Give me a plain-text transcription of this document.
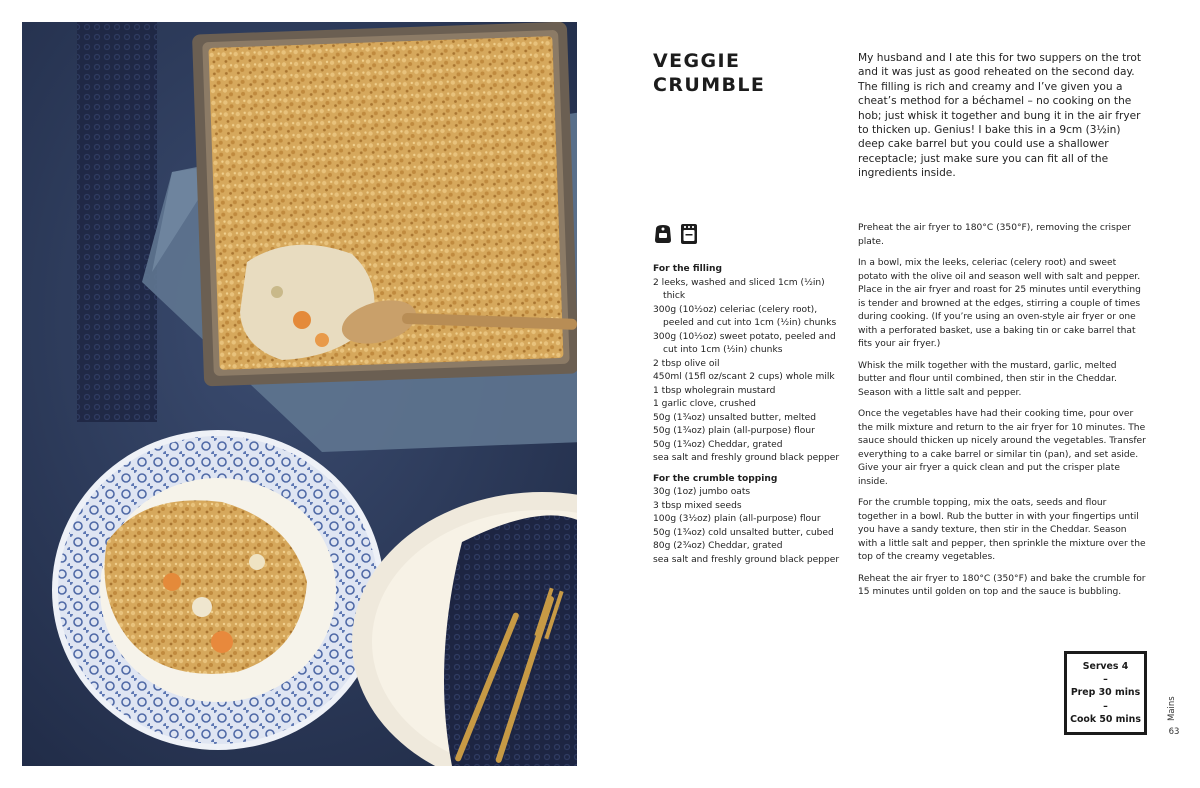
VEGGIE
CRUMBLE

My husband and I ate this for two suppers on the trot and it was just as good reheated on the second day. The filling is rich and creamy and I’ve given you a cheat’s method for a béchamel – no cooking on the hob; just whisk it together and bung it in the air fryer to thicken up. Genius! I bake this in a 9cm (3½in) deep cake barrel but you could use a shallower receptacle; just make sure you can fit all of the ingredients inside.

For the filling
2 leeks, washed and sliced 1cm (½in) thick
300g (10½oz) celeriac (celery root), peeled and cut into 1cm (½in) chunks
300g (10½oz) sweet potato, peeled and cut into 1cm (½in) chunks
2 tbsp olive oil
450ml (15fl oz/scant 2 cups) whole milk
1 tbsp wholegrain mustard
1 garlic clove, crushed
50g (1¾oz) unsalted butter, melted
50g (1¾oz) plain (all-purpose) flour
50g (1¾oz) Cheddar, grated
sea salt and freshly ground black pepper
For the crumble topping
30g (1oz) jumbo oats
3 tbsp mixed seeds
100g (3½oz) plain (all-purpose) flour
50g (1¾oz) cold unsalted butter, cubed
80g (2¾oz) Cheddar, grated
sea salt and freshly ground black pepper

Preheat the air fryer to 180°C (350°F), removing the crisper plate.

In a bowl, mix the leeks, celeriac (celery root) and sweet potato with the olive oil and season well with salt and pepper. Place in the air fryer and roast for 25 minutes until everything is tender and browned at the edges, stirring a couple of times during cooking. (If you’re using an oven-style air fryer or one with a perforated basket, use a baking tin or cake barrel that fits your air fryer.)

Whisk the milk together with the mustard, garlic, melted butter and flour until combined, then stir in the Cheddar. Season with a little salt and pepper.

Once the vegetables have had their cooking time, pour over the milk mixture and return to the air fryer for 10 minutes. The sauce should thicken up nicely around the vegetables. Transfer everything to a cake barrel or similar tin (pan), and set aside. Give your air fryer a quick clean and put the crisper plate inside.

For the crumble topping, mix the oats, seeds and flour together in a bowl. Rub the butter in with your fingertips until you have a sandy texture, then stir in the Cheddar. Season with a little salt and pepper, then sprinkle the mixture over the top of the creamy vegetables.

Reheat the air fryer to 180°C (350°F) and bake the crumble for 15 minutes until golden on top and the sauce is bubbling.

Serves 4
–
Prep 30 mins
–
Cook 50 mins	Mains
63
